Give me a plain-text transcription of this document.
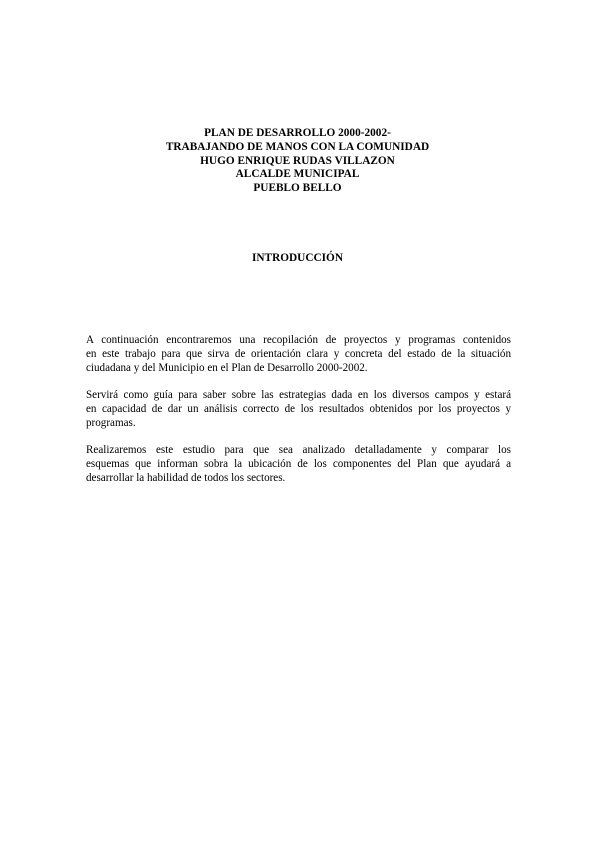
PLAN DE DESARROLLO 2000-2002-
TRABAJANDO DE MANOS CON LA COMUNIDAD
HUGO ENRIQUE RUDAS VILLAZON
ALCALDE MUNICIPAL
PUEBLO BELLO
INTRODUCCIÓN

A continuación encontraremos una recopilación de proyectos y programas contenidos
en este trabajo para que sirva de orientación clara y concreta del estado de la situación
ciudadana y del Municipio en el Plan de Desarrollo 2000-2002.

Servirá como guía para saber sobre las estrategias dada en los diversos campos y estará
en capacidad de dar un análisis correcto de los resultados obtenidos por los proyectos y
programas.

Realizaremos este estudio para que sea analizado detalladamente y comparar los
esquemas que informan sobra la ubicación de los componentes del Plan que ayudará a
desarrollar la habilidad de todos los sectores.
